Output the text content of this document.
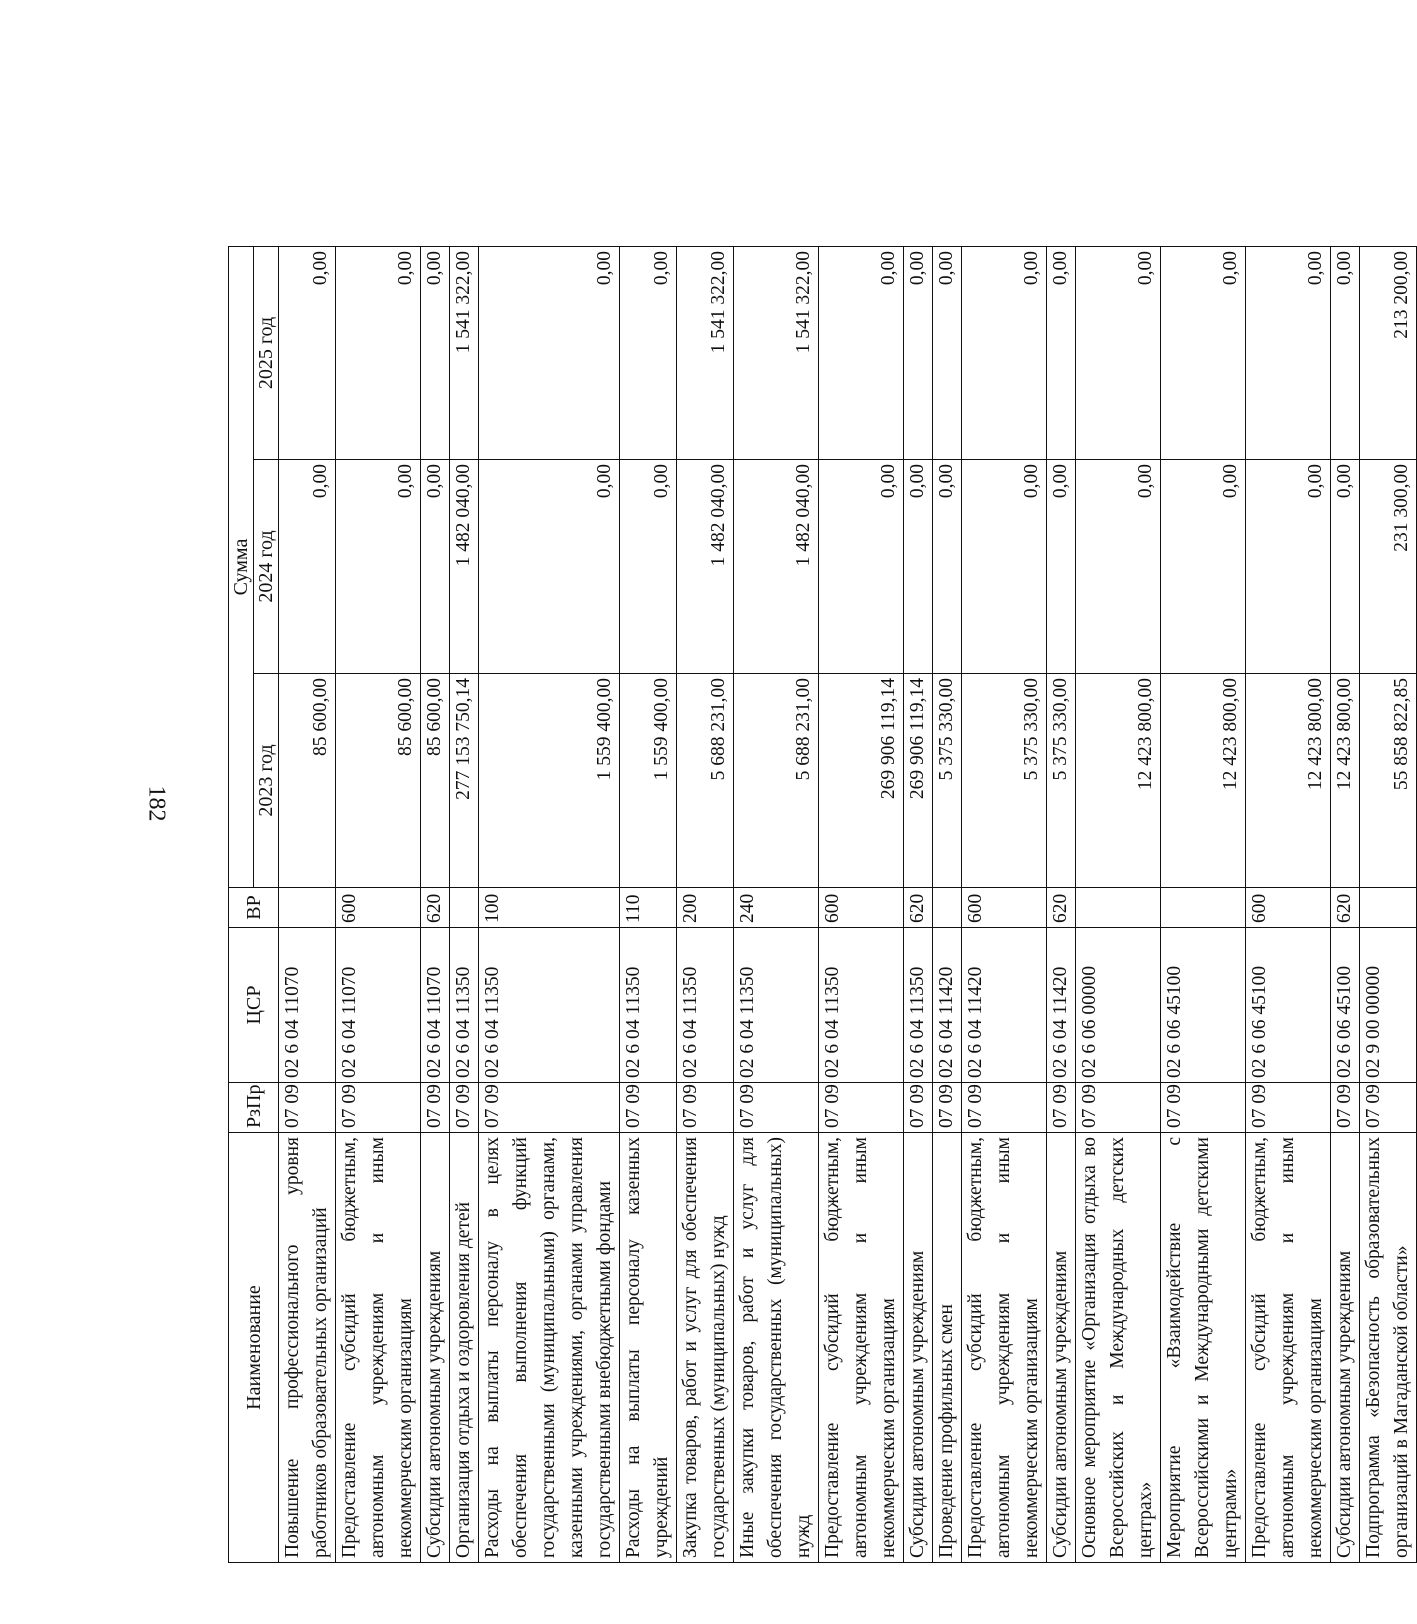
182
Наименование	РзПр	ЦСР	ВР	Сумма		
				2023 год	2024 год	2025 год
Повышение профессионального уровня работников образовательных организаций	07 09	02 6 04 11070		85 600,00	0,00	0,00
Предоставление субсидий бюджетным, автономным учреждениям и иным некоммерческим организациям	07 09	02 6 04 11070	600	85 600,00	0,00	0,00
Субсидии автономным учреждениям	07 09	02 6 04 11070	620	85 600,00	0,00	0,00
Организация отдыха и оздоровления детей	07 09	02 6 04 11350		277 153 750,14	1 482 040,00	1 541 322,00
Расходы на выплаты персоналу в целях обеспечения выполнения функций государственными (муниципальными) органами, казенными учреждениями, органами управления государственными внебюджетными фондами	07 09	02 6 04 11350	100	1 559 400,00	0,00	0,00
Расходы на выплаты персоналу казенных учреждений	07 09	02 6 04 11350	110	1 559 400,00	0,00	0,00
Закупка товаров, работ и услуг для обеспечения государственных (муниципальных) нужд	07 09	02 6 04 11350	200	5 688 231,00	1 482 040,00	1 541 322,00
Иные закупки товаров, работ и услуг для обеспечения государственных (муниципальных) нужд	07 09	02 6 04 11350	240	5 688 231,00	1 482 040,00	1 541 322,00
Предоставление субсидий бюджетным, автономным учреждениям и иным некоммерческим организациям	07 09	02 6 04 11350	600	269 906 119,14	0,00	0,00
Субсидии автономным учреждениям	07 09	02 6 04 11350	620	269 906 119,14	0,00	0,00
Проведение профильных смен	07 09	02 6 04 11420		5 375 330,00	0,00	0,00
Предоставление субсидий бюджетным, автономным учреждениям и иным некоммерческим организациям	07 09	02 6 04 11420	600	5 375 330,00	0,00	0,00
Субсидии автономным учреждениям	07 09	02 6 04 11420	620	5 375 330,00	0,00	0,00
Основное мероприятие «Организация отдыха во Всероссийских и Международных детских центрах»	07 09	02 6 06 00000		12 423 800,00	0,00	0,00
Мероприятие «Взаимодействие с Всероссийскими и Международными детскими центрами»	07 09	02 6 06 45100		12 423 800,00	0,00	0,00
Предоставление субсидий бюджетным, автономным учреждениям и иным некоммерческим организациям	07 09	02 6 06 45100	600	12 423 800,00	0,00	0,00
Субсидии автономным учреждениям	07 09	02 6 06 45100	620	12 423 800,00	0,00	0,00
Подпрограмма «Безопасность образовательных организаций в Магаданской области»	07 09	02 9 00 00000		55 858 822,85	231 300,00	213 200,00
